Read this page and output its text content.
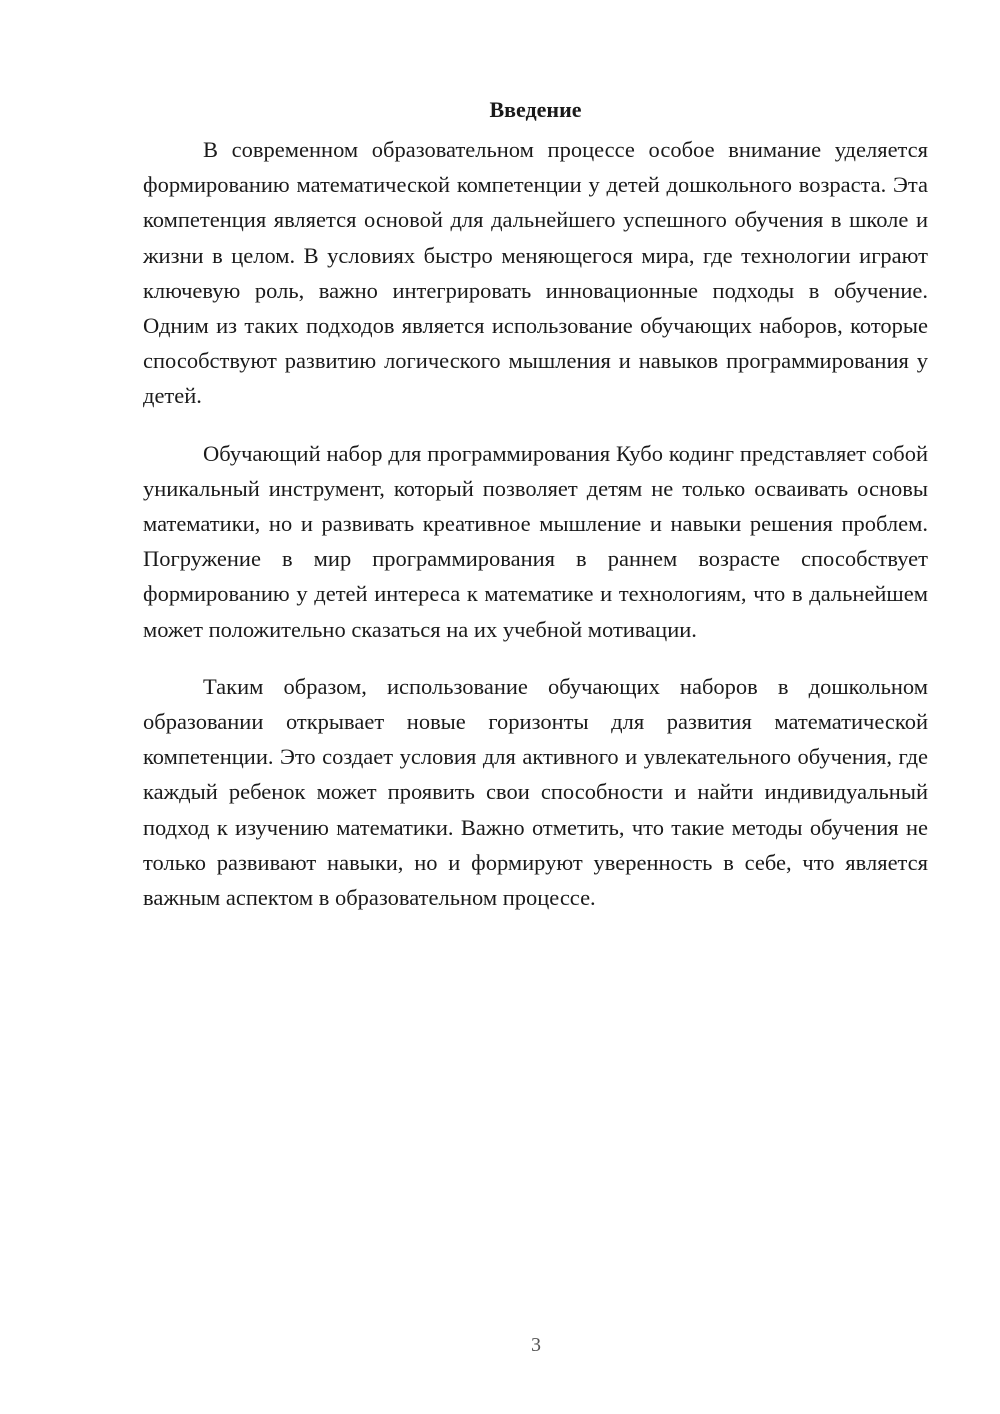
Введение

В современном образовательном процессе особое внимание уделяется формированию математической компетенции у детей дошкольного возраста. Эта компетенция является основой для дальнейшего успешного обучения в школе и жизни в целом. В условиях быстро меняющегося мира, где технологии играют ключевую роль, важно интегрировать инновационные подходы в обучение. Одним из таких подходов является использование обучающих наборов, которые способствуют развитию логического мышления и навыков программирования у детей.

Обучающий набор для программирования Кубо кодинг представляет собой уникальный инструмент, который позволяет детям не только осваивать основы математики, но и развивать креативное мышление и навыки решения проблем. Погружение в мир программирования в раннем возрасте способствует формированию у детей интереса к математике и технологиям, что в дальнейшем может положительно сказаться на их учебной мотивации.

Таким образом, использование обучающих наборов в дошкольном образовании открывает новые горизонты для развития математической компетенции. Это создает условия для активного и увлекательного обучения, где каждый ребенок может проявить свои способности и найти индивидуальный подход к изучению математики. Важно отметить, что такие методы обучения не только развивают навыки, но и формируют уверенность в себе, что является важным аспектом в образовательном процессе.

3
